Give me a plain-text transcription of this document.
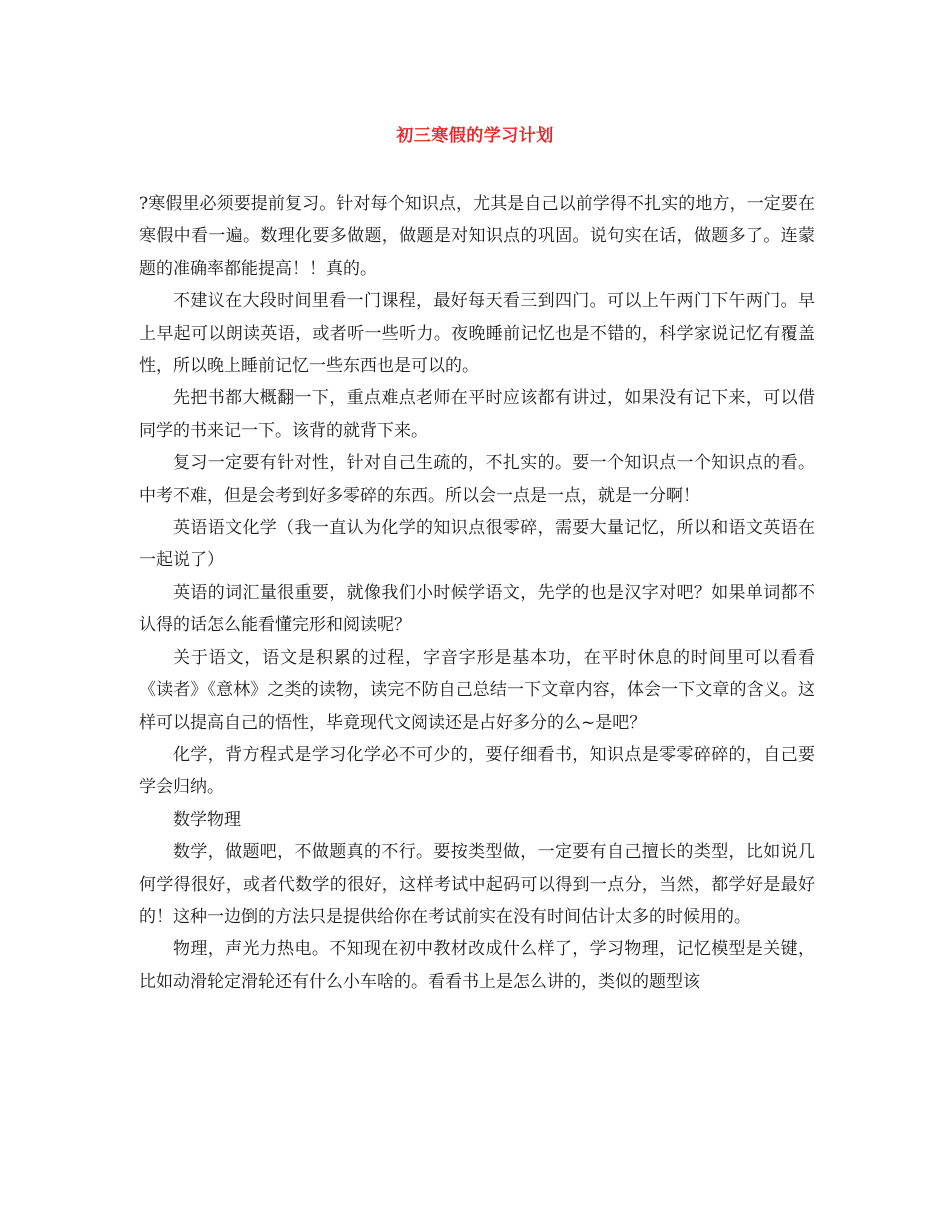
初三寒假的学习计划

?寒假里必须要提前复习。针对每个知识点，尤其是自己以前学得不扎实的地方，一定要在寒假中看一遍。数理化要多做题，做题是对知识点的巩固。说句实在话，做题多了。连蒙题的准确率都能提高！！真的。

不建议在大段时间里看一门课程，最好每天看三到四门。可以上午两门下午两门。早上早起可以朗读英语，或者听一些听力。夜晚睡前记忆也是不错的，科学家说记忆有覆盖性，所以晚上睡前记忆一些东西也是可以的。

先把书都大概翻一下，重点难点老师在平时应该都有讲过，如果没有记下来，可以借同学的书来记一下。该背的就背下来。

复习一定要有针对性，针对自己生疏的，不扎实的。要一个知识点一个知识点的看。中考不难，但是会考到好多零碎的东西。所以会一点是一点，就是一分啊！

英语语文化学（我一直认为化学的知识点很零碎，需要大量记忆，所以和语文英语在一起说了）

英语的词汇量很重要，就像我们小时候学语文，先学的也是汉字对吧？如果单词都不认得的话怎么能看懂完形和阅读呢？

关于语文，语文是积累的过程，字音字形是基本功，在平时休息的时间里可以看看《读者》《意林》之类的读物，读完不防自己总结一下文章内容，体会一下文章的含义。这样可以提高自己的悟性，毕竟现代文阅读还是占好多分的么~是吧？

化学，背方程式是学习化学必不可少的，要仔细看书，知识点是零零碎碎的，自己要学会归纳。

数学物理

数学，做题吧，不做题真的不行。要按类型做，一定要有自己擅长的类型，比如说几何学得很好，或者代数学的很好，这样考试中起码可以得到一点分，当然，都学好是最好的！这种一边倒的方法只是提供给你在考试前实在没有时间估计太多的时候用的。

物理，声光力热电。不知现在初中教材改成什么样了，学习物理，记忆模型是关键，比如动滑轮定滑轮还有什么小车啥的。看看书上是怎么讲的，类似的题型该
